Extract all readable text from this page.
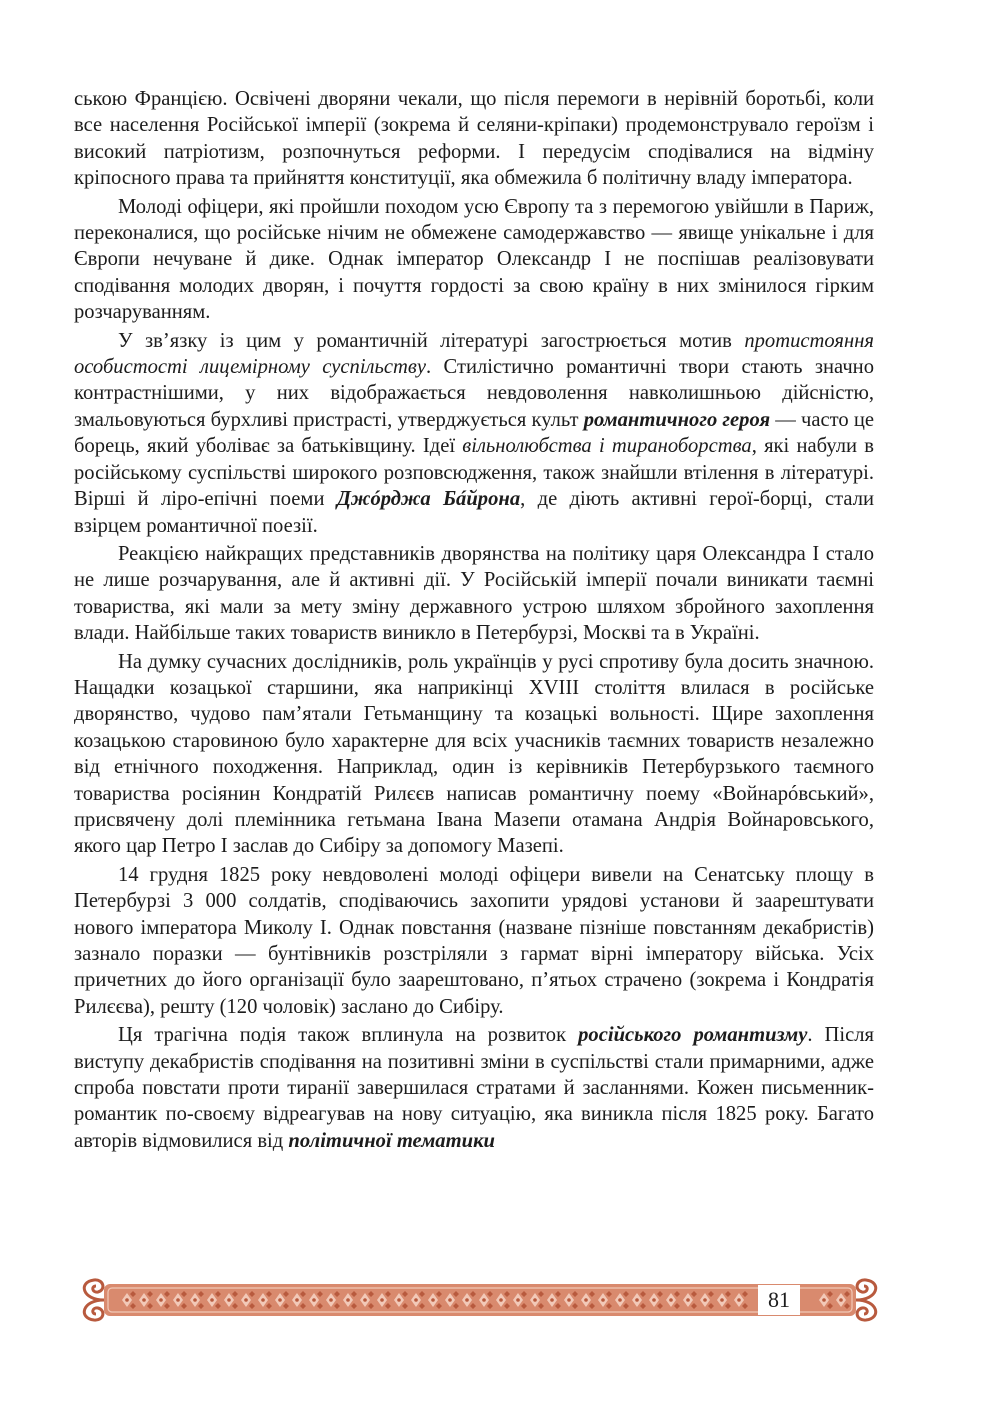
ською Францією. Освічені дворяни чекали, що після перемоги в нерівній боротьбі, коли все населення Російської імперії (зокрема й селяни-кріпаки) продемонструвало героїзм і високий патріотизм, розпочнуться реформи. І передусім сподівалися на відміну кріпосного права та прийняття конституції, яка обмежила б політичну владу імператора.

Молоді офіцери, які пройшли походом усю Європу та з перемогою увійшли в Париж, переконалися, що російське нічим не обмежене самодержавство — явище унікальне і для Європи нечуване й дике. Однак імператор Олександр І не поспішав реалізовувати сподівання молодих дворян, і почуття гордості за свою країну в них змінилося гірким розчаруванням.

У зв’язку із цим у романтичній літературі загострюється мотив протистояння особистості лицемірному суспільству. Стилістично романтичні твори стають значно контрастнішими, у них відображається невдоволення навколишньою дійсністю, змальовуються бурхливі пристрасті, утверджується культ романтичного героя — часто це борець, який уболіває за батьківщину. Ідеї вільнолюбства і тираноборства, які набули в російському суспільстві широкого розповсюдження, також знайшли втілення в літературі. Вірші й ліро-епічні поеми Джóрджа Бáйрона, де діють активні герої-борці, стали взірцем романтичної поезії.

Реакцією найкращих представників дворянства на політику царя Олександра І стало не лише розчарування, але й активні дії. У Російській імперії почали виникати таємні товариства, які мали за мету зміну державного устрою шляхом збройного захоплення влади. Найбільше таких товариств виникло в Петербурзі, Москві та в Україні.

На думку сучасних дослідників, роль українців у русі спротиву була досить значною. Нащадки козацької старшини, яка наприкінці XVIII століття влилася в російське дворянство, чудово пам’ятали Гетьманщину та козацькі вольності. Щире захоплення козацькою старовиною було характерне для всіх учасників таємних товариств незалежно від етнічного походження. Наприклад, один із керівників Петербурзького таємного товариства росіянин Кондратій Рилєєв написав романтичну поему «Войнарóвський», присвячену долі племінника гетьмана Івана Мазепи отамана Андрія Войнаровського, якого цар Петро І заслав до Сибіру за допомогу Мазепі.

14 грудня 1825 року невдоволені молоді офіцери вивели на Сенатську площу в Петербурзі 3 000 солдатів, сподіваючись захопити урядові установи й заарештувати нового імператора Миколу І. Однак повстання (назване пізніше повстанням декабристів) зазнало поразки — бунтівників розстріляли з гармат вірні імператору війська. Усіх причетних до його організації було заарештовано, п’ятьох страчено (зокрема і Кондратія Рилєєва), решту (120 чоловік) заслано до Сибіру.

Ця трагічна подія також вплинула на розвиток російського романтизму. Після виступу декабристів сподівання на позитивні зміни в суспільстві стали примарними, адже спроба повстати проти тиранії завершилася стратами й засланнями. Кожен письменник-романтик по-своєму відреагував на нову ситуацію, яка виникла після 1825 року. Багато авторів відмовилися від політичної тематики

81
